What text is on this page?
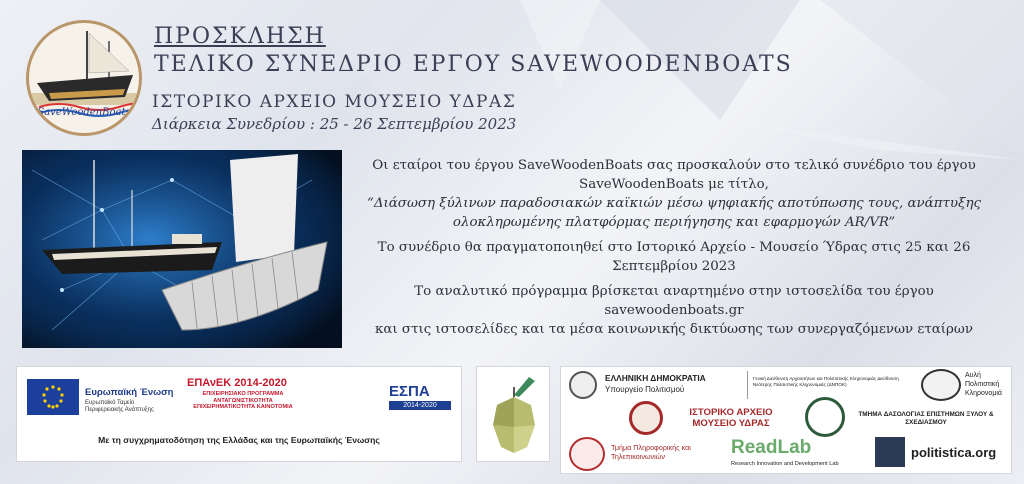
SaveWoodenBoats
ΠΡΟΣΚΛΗΣΗ
ΤΕΛΙΚΟ ΣΥΝΕΔΡΙΟ ΕΡΓΟΥ SAVEWOODENBOATS
ΙΣΤΟΡΙΚΟ ΑΡΧΕΙΟ ΜΟΥΣΕΙΟ ΥΔΡΑΣ
Διάρκεια Συνεδρίου : 25 - 26 Σεπτεμβρίου 2023

Οι εταίροι του έργου SaveWoodenBoats σας προσκαλούν στο τελικό συνέδριο του έργου
SaveWoodenBoats με τίτλο,
“Διάσωση ξύλινων παραδοσιακών καϊκιών μέσω ψηφιακής αποτύπωσης τους, ανάπτυξης
ολοκληρωμένης πλατφόρμας περιήγησης και εφαρμογών AR/VR”

Το συνέδριο θα πραγματοποιηθεί στο Ιστορικό Αρχείο - Μουσείο Ύδρας στις 25 και 26
Σεπτεμβρίου 2023

Το αναλυτικό πρόγραμμα βρίσκεται αναρτημένο στην ιστοσελίδα του έργου savewoodenboats.gr
και στις ιστοσελίδες και τα μέσα κοινωνικής δικτύωσης των συνεργαζόμενων εταίρων

Ευρωπαϊκή Ένωση
Ευρωπαϊκό Ταμείο Περιφερειακής Ανάπτυξης
ΕΠΑνΕΚ 2014-2020
ΕΠΙΧΕΙΡΗΣΙΑΚΟ ΠΡΟΓΡΑΜΜΑ ΑΝΤΑΓΩΝΙΣΤΙΚΟΤΗΤΑ ΕΠΙΧΕΙΡΗΜΑΤΙΚΟΤΗΤΑ ΚΑΙΝΟΤΟΜΙΑ
ΕΣΠΑ
2014-2020
Με τη συγχρηματοδότηση της Ελλάδας και της Ευρωπαϊκής Ένωσης
ΕΛΛΗΝΙΚΗ ΔΗΜΟΚΡΑΤΙΑ
Υπουργείο Πολιτισμού
Γενική Διεύθυνση Αρχαιοτήτων και Πολιτιστικής Κληρονομιάς Διεύθυνση Νεότερης Πολιτιστικής Κληρονομιάς (ΔΝΠΟΚ)
Αυλή Πολιτιστική Κληρονομιά
ΙΣΤΟΡΙΚΟ ΑΡΧΕΙΟ ΜΟΥΣΕΙΟ ΥΔΡΑΣ
ΤΜΗΜΑ ΔΑΣΟΛΟΓΙΑΣ ΕΠΙΣΤΗΜΩΝ ΞΥΛΟΥ & ΣΧΕΔΙΑΣΜΟΥ
Τμήμα Πληροφορικής και Τηλεπικοινωνιών	ReadLab
Research Innovation and Development Lab
politistica.org
